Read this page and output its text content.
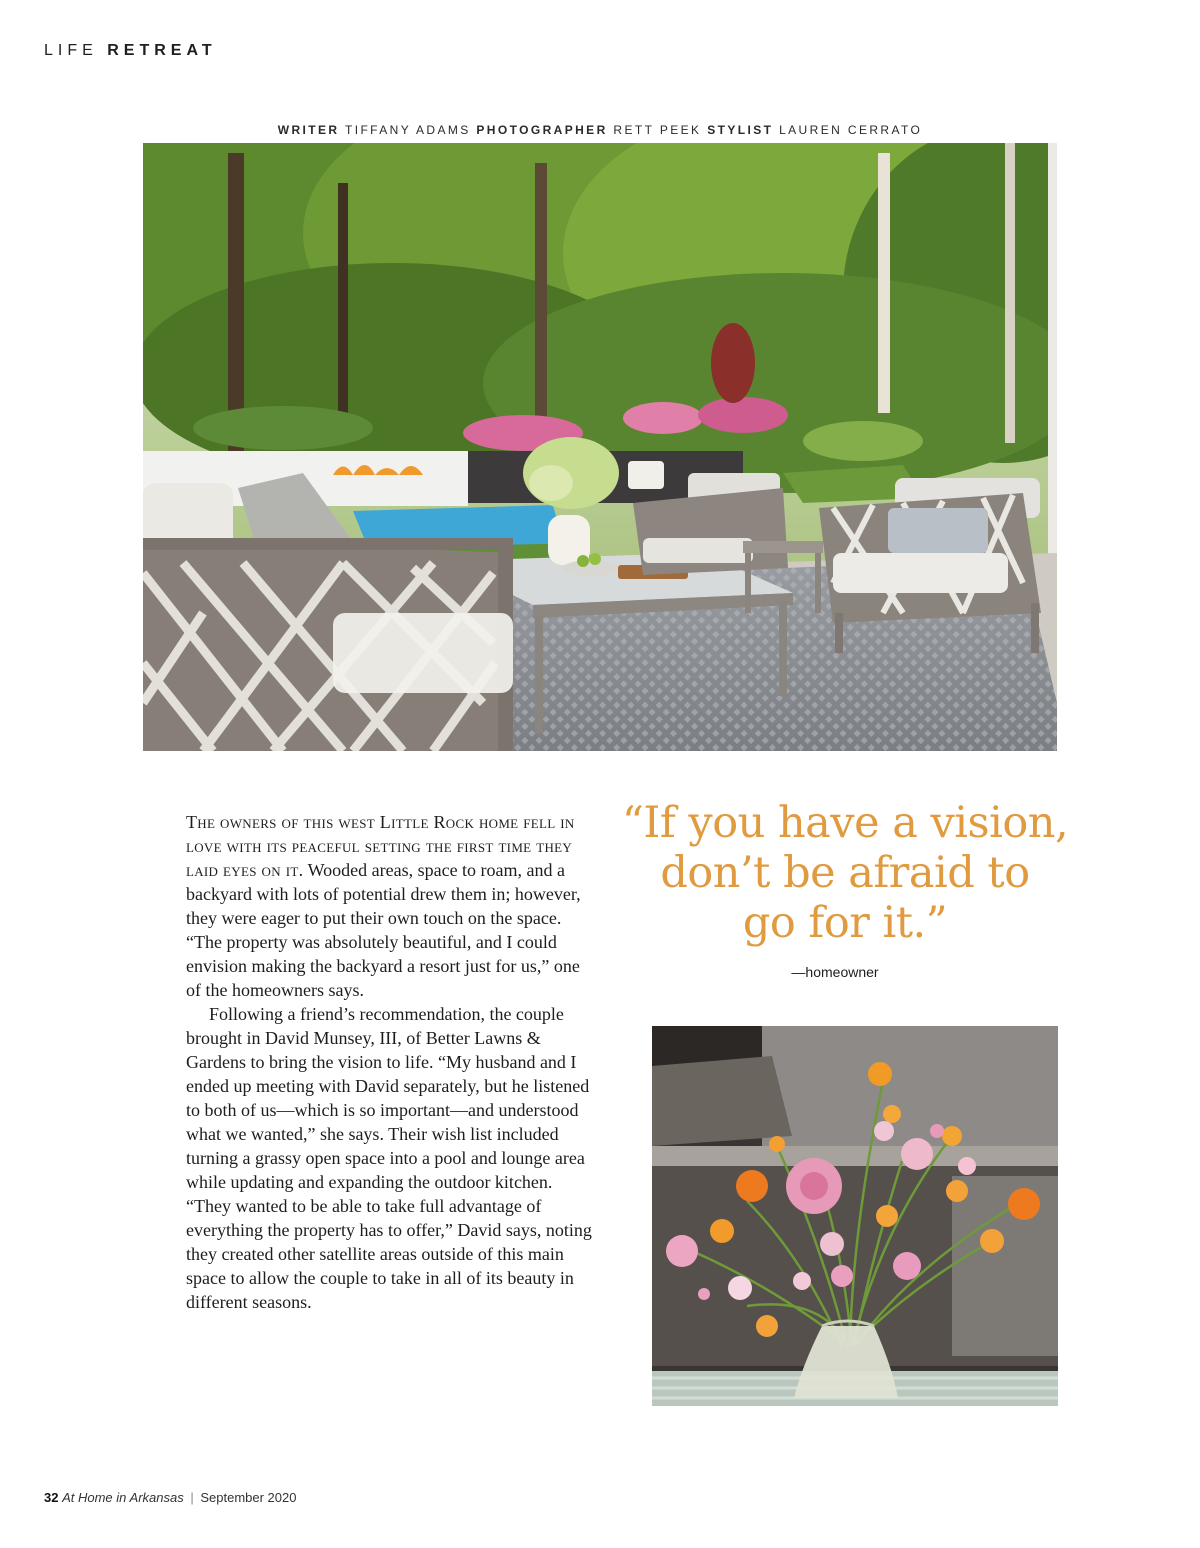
LIFE RETREAT
WRITER TIFFANY ADAMS PHOTOGRAPHER RETT PEEK STYLIST LAUREN CERRATO

The owners of this west Little Rock home fell in love with its peaceful setting the first time they laid eyes on it. Wooded areas, space to roam, and a backyard with lots of potential drew them in; however, they were eager to put their own touch on the space. “The property was absolutely beautiful, and I could envision making the backyard a resort just for us,” one of the homeowners says.

Following a friend’s recommendation, the couple brought in David Munsey, III, of Better Lawns & Gardens to bring the vision to life. “My husband and I ended up meeting with David separately, but he listened to both of us—which is so important—and understood what we wanted,” she says. Their wish list included turning a grassy open space into a pool and lounge area while updating and expanding the outdoor kitchen. “They wanted to be able to take full advantage of everything the property has to offer,” David says, noting they created other satellite areas outside of this main space to allow the couple to take in all of its beauty in different seasons.

“If you have a vision,
don’t be afraid to
go for it.”
—homeowner
32 At Home in Arkansas | September 2020
